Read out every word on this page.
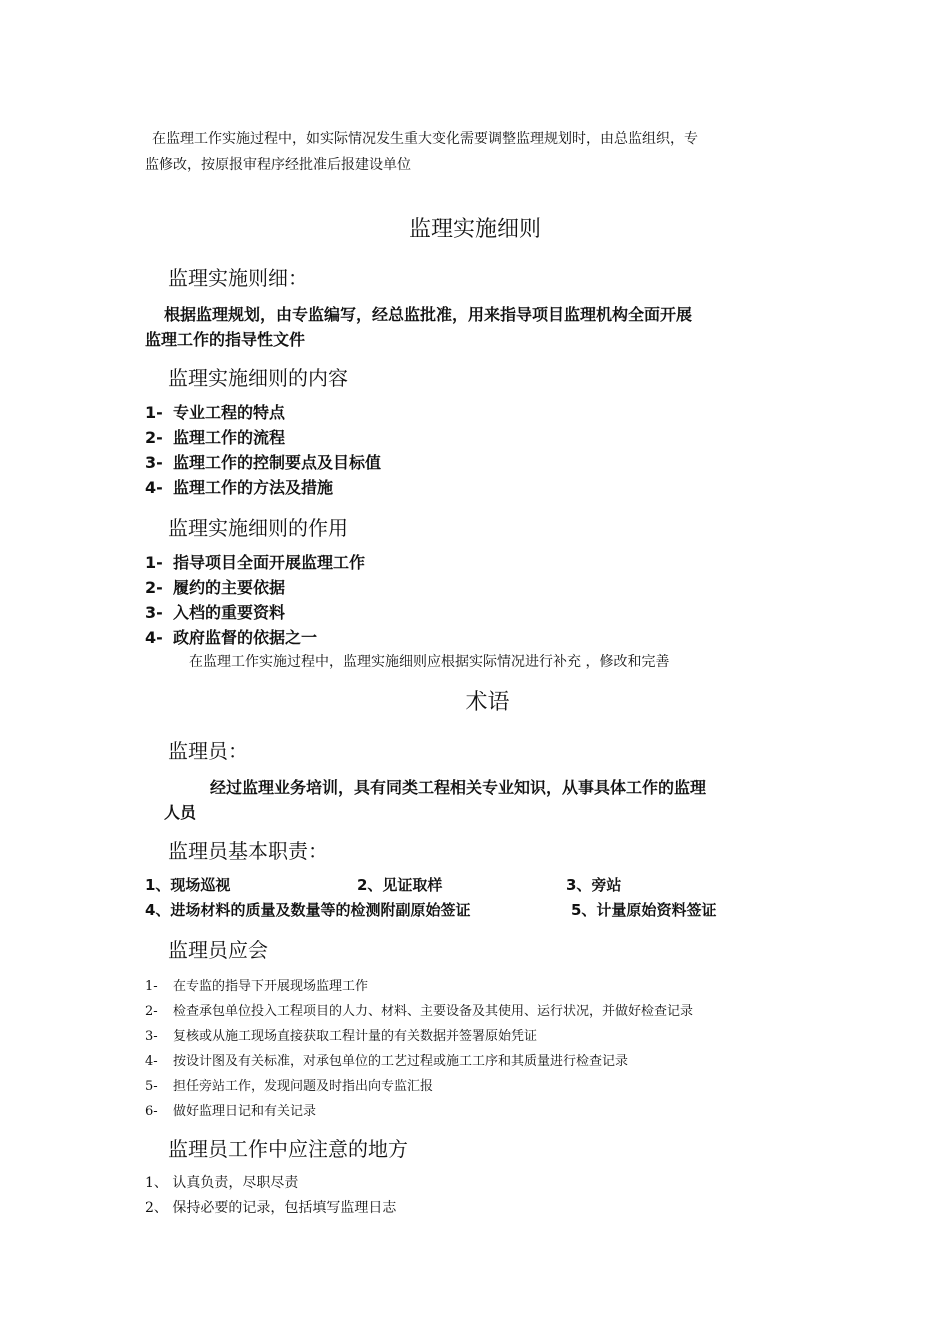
在监理工作实施过程中，如实际情况发生重大变化需要调整监理规划时，由总监组织，专
监修改，按原报审程序经批准后报建设单位
监理实施细则
监理实施则细：
根据监理规划，由专监编写，经总监批准，用来指导项目监理机构全面开展
监理工作的指导性文件
监理实施细则的内容
1- 专业工程的特点
2- 监理工作的流程
3- 监理工作的控制要点及目标值
4- 监理工作的方法及措施
监理实施细则的作用
1- 指导项目全面开展监理工作
2- 履约的主要依据
3- 入档的重要资料
4- 政府监督的依据之一
在监理工作实施过程中，监理实施细则应根据实际情况进行补充 ，修改和完善
术语
监理员：
经过监理业务培训，具有同类工程相关专业知识，从事具体工作的监理
人员
监理员基本职责：
1、现场巡视	2、见证取样	3、旁站
4、进场材料的质量及数量等的检测附副原始签证	5、计量原始资料签证
监理员应会
1- 在专监的指导下开展现场监理工作
2- 检查承包单位投入工程项目的人力、材料、主要设备及其使用、运行状况，并做好检查记录
3- 复核或从施工现场直接获取工程计量的有关数据并签署原始凭证
4- 按设计图及有关标准，对承包单位的工艺过程或施工工序和其质量进行检查记录
5- 担任旁站工作，发现问题及时指出向专监汇报
6- 做好监理日记和有关记录
监理员工作中应注意的地方
1、 认真负责，尽职尽责
2、 保持必要的记录，包括填写监理日志
